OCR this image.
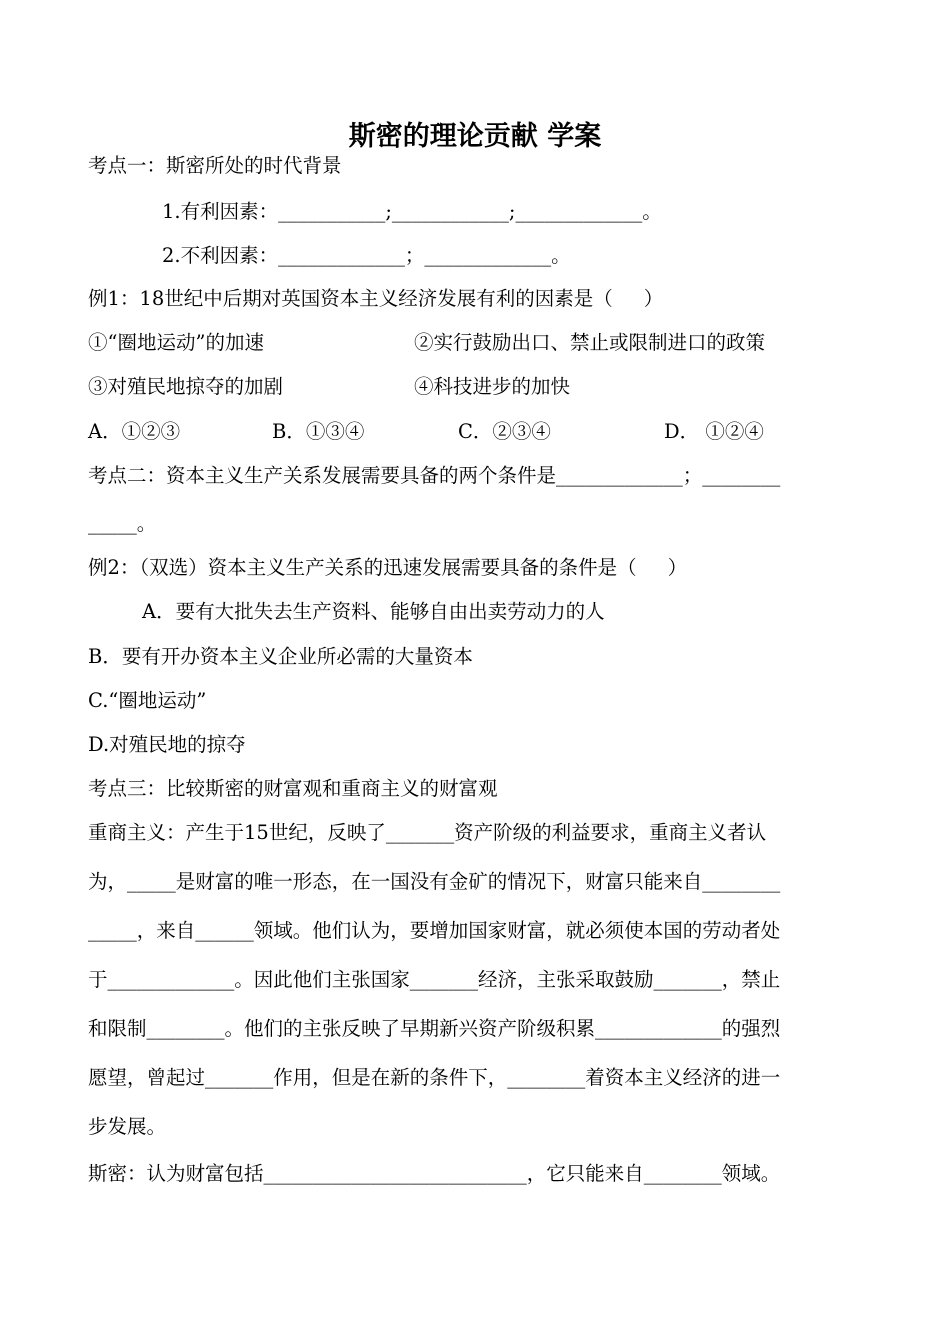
斯密的理论贡献 学案
考点一：斯密所处的时代背景
1.有利因素：___________;____________;_____________。
2.不利因素：_____________；_____________。
例1：18世纪中后期对英国资本主义经济发展有利的因素是（     ）
①“圈地运动”的加速	②实行鼓励出口、禁止或限制进口的政策
③对殖民地掠夺的加剧	④科技进步的加快
A．①②③	B．①③④	C．②③④	D． ①②④
考点二：资本主义生产关系发展需要具备的两个条件是_____________；________
_____。
例2：（双选）资本主义生产关系的迅速发展需要具备的条件是（     ）
A．要有大批失去生产资料、能够自由出卖劳动力的人
B．要有开办资本主义企业所必需的大量资本
C.“圈地运动”
D.对殖民地的掠夺
考点三：比较斯密的财富观和重商主义的财富观
重商主义：产生于15世纪，反映了_______资产阶级的利益要求，重商主义者认
为，_____是财富的唯一形态，在一国没有金矿的情况下，财富只能来自________
_____，来自______领域。他们认为，要增加国家财富，就必须使本国的劳动者处
于_____________。因此他们主张国家_______经济，主张采取鼓励_______，禁止
和限制________。他们的主张反映了早期新兴资产阶级积累_____________的强烈
愿望，曾起过_______作用，但是在新的条件下，________着资本主义经济的进一
步发展。
斯密：认为财富包括___________________________，它只能来自________领域。
